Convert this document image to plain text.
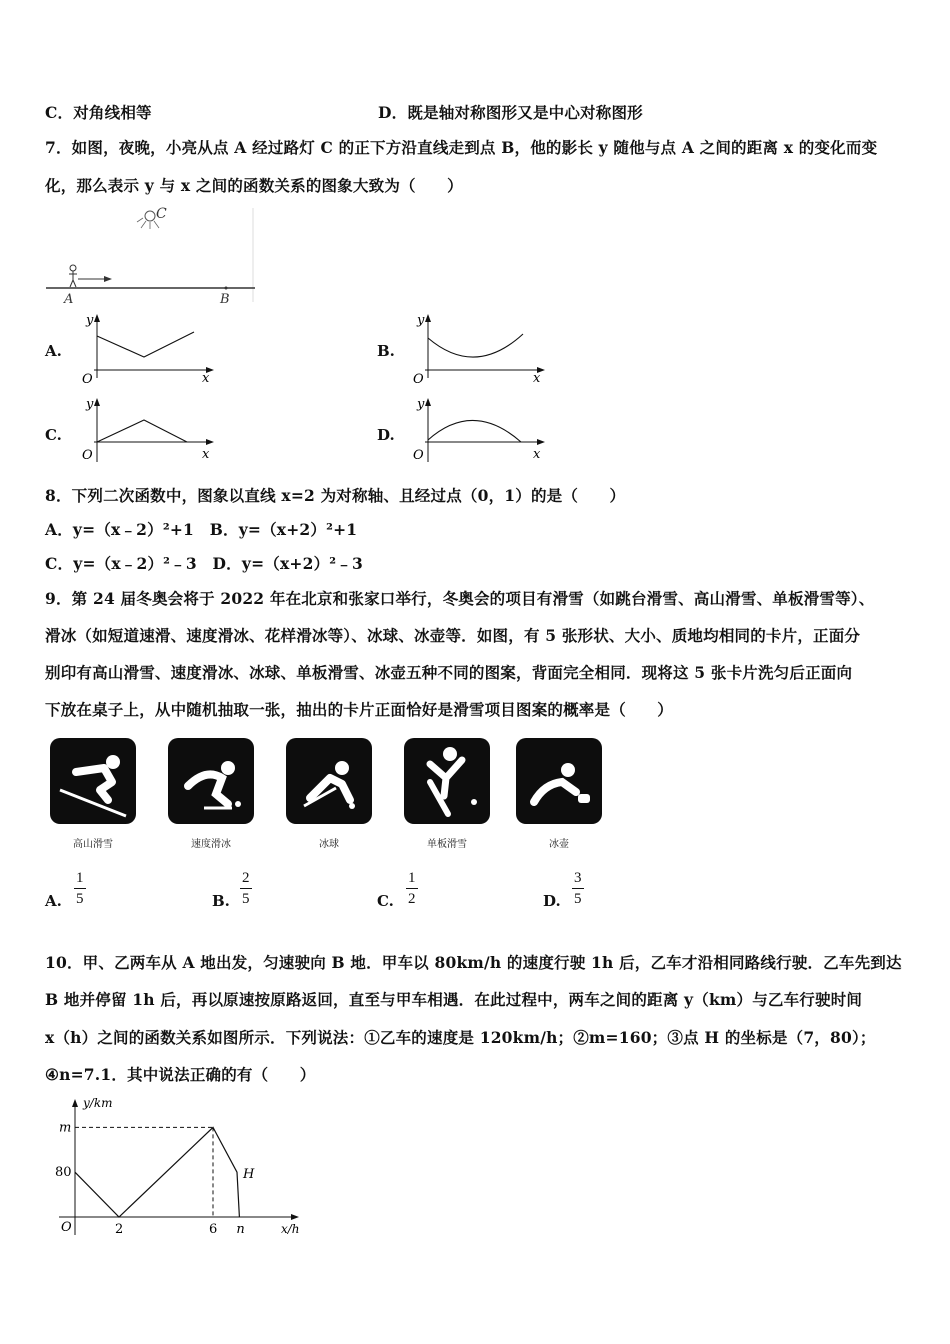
C．对角线相等	D．既是轴对称图形又是中心对称图形
7．如图，夜晚，小亮从点 A 经过路灯 C 的正下方沿直线走到点 B，他的影长 y 随他与点 A 之间的距离 x 的变化而变
化，那么表示 y 与 x 之间的函数关系的图象大致为（　　）
C
A	B
A.
y
x
O
B.
y
x
O
C.
y
x
O
D.
y
x
O
8．下列二次函数中，图象以直线 x=2 为对称轴、且经过点（0，1）的是（　　）
A．y=（x﹣2）²+1　B．y=（x+2）²+1
C．y=（x﹣2）²﹣3　D．y=（x+2）²﹣3
9．第 24 届冬奥会将于 2022 年在北京和张家口举行，冬奥会的项目有滑雪（如跳台滑雪、高山滑雪、单板滑雪等）、
滑冰（如短道速滑、速度滑冰、花样滑冰等）、冰球、冰壶等．如图，有 5 张形状、大小、质地均相同的卡片，正面分
别印有高山滑雪、速度滑冰、冰球、单板滑雪、冰壶五种不同的图案，背面完全相同．现将这 5 张卡片洗匀后正面向
下放在桌子上，从中随机抽取一张，抽出的卡片正面恰好是滑雪项目图案的概率是（　　）
高山滑雪	速度滑冰	冰球	单板滑雪	冰壶
A. $\frac{1}{5}$	B. $\frac{2}{5}$	C. $\frac{1}{2}$	D. $\frac{3}{5}$
10．甲、乙两车从 A 地出发，匀速驶向 B 地．甲车以 80km/h 的速度行驶 1h 后，乙车才沿相同路线行驶．乙车先到达
B 地并停留 1h 后，再以原速按原路返回，直至与甲车相遇．在此过程中，两车之间的距离 y（km）与乙车行驶时间
x（h）之间的函数关系如图所示．下列说法：①乙车的速度是 120km/h；②m=160；③点 H 的坐标是（7，80）；
④n=7.1．其中说法正确的有（　　）
y/km
x/h
O
m
80
2	6 n
H
